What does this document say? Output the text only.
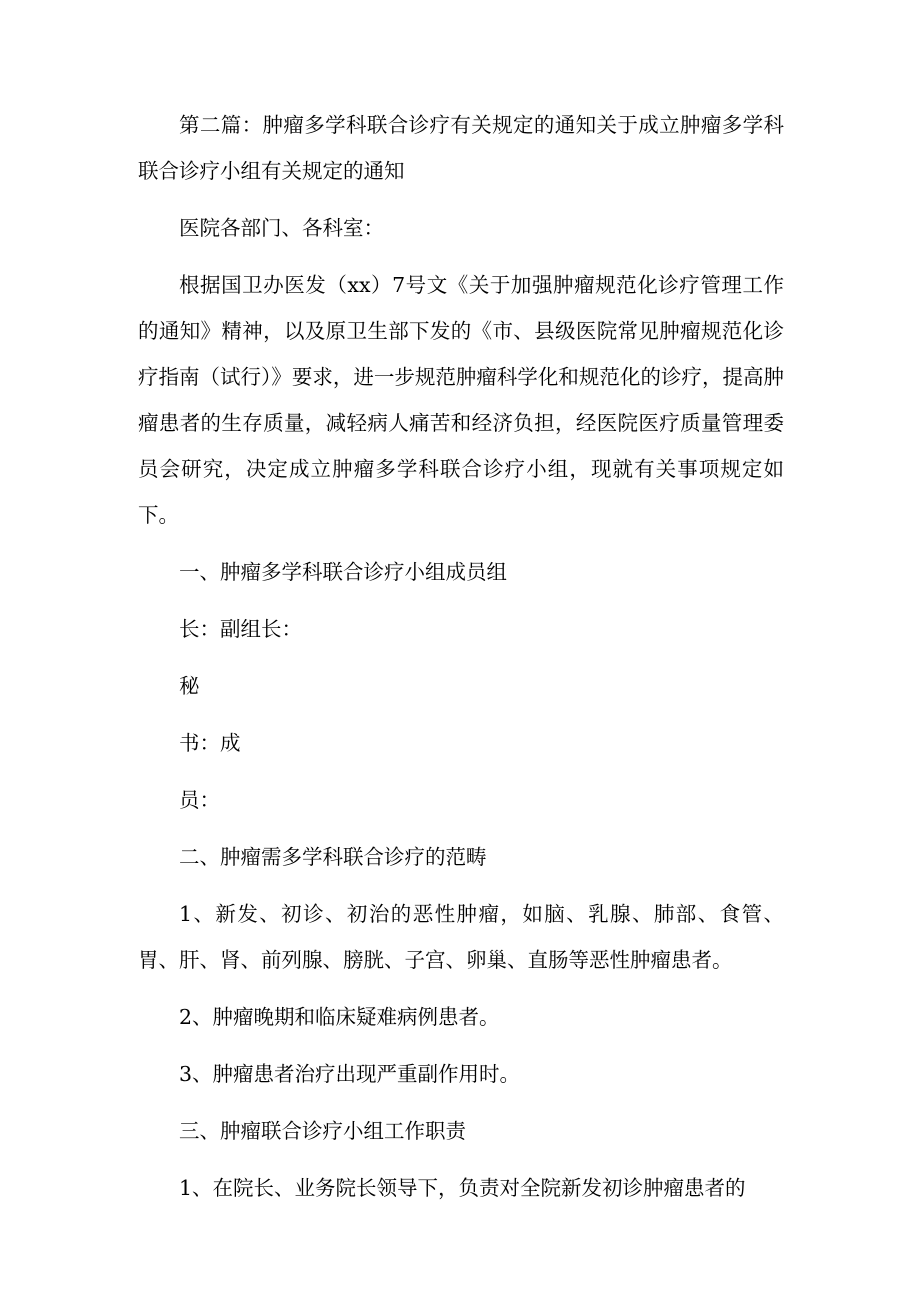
第二篇：肿瘤多学科联合诊疗有关规定的通知关于成立肿瘤多学科联合诊疗小组有关规定的通知

医院各部门、各科室：

根据国卫办医发（xx）7号文《关于加强肿瘤规范化诊疗管理工作的通知》精神，以及原卫生部下发的《市、县级医院常见肿瘤规范化诊疗指南（试行）》要求，进一步规范肿瘤科学化和规范化的诊疗，提高肿瘤患者的生存质量，减轻病人痛苦和经济负担，经医院医疗质量管理委员会研究，决定成立肿瘤多学科联合诊疗小组，现就有关事项规定如下。

一、肿瘤多学科联合诊疗小组成员组

长：副组长：

秘

书：成

员：

二、肿瘤需多学科联合诊疗的范畴

1、新发、初诊、初治的恶性肿瘤，如脑、乳腺、肺部、食管、胃、肝、肾、前列腺、膀胱、子宫、卵巢、直肠等恶性肿瘤患者。

2、肿瘤晚期和临床疑难病例患者。

3、肿瘤患者治疗出现严重副作用时。

三、肿瘤联合诊疗小组工作职责

1、在院长、业务院长领导下，负责对全院新发初诊肿瘤患者的
